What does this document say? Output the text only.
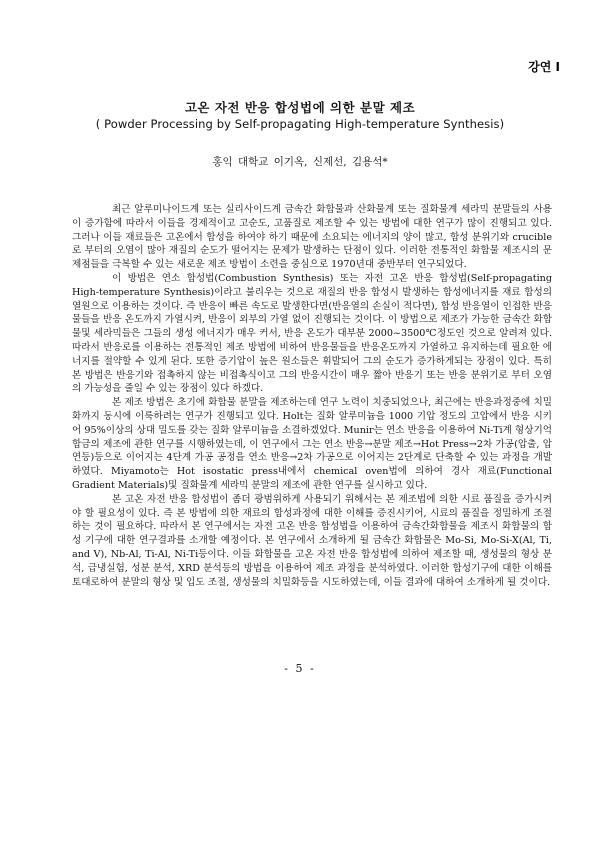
강연 I
고온 자전 반응 합성법에 의한 분말 제조
( Powder Processing by Self-propagating High-temperature Synthesis)
홍익 대학교 이기옥, 신제선, 김용석*

최근 알루미나이드계 또는 실리사이드계 금속간 화합물과 산화물계 또는 질화물계 세라믹 분말들의 사용이 증가함에 따라서 이들을 경제적이고 고순도, 고품질로 제조할 수 있는 방법에 대한 연구가 많이 진행되고 있다. 그러나 이들 재료들은 고온에서 합성을 하여야 하기 때문에 소요되는 에너지의 양이 많고, 합성 분위기와 crucible로 부터의 오염이 많아 재질의 순도가 떨어지는 문제가 발생하는 단점이 있다. 이러한 전통적인 화합물 제조시의 문제점들을 극복할 수 있는 새로운 제조 방법이 소련을 중심으로 1970년대 중반부터 연구되었다.

이 방법은 연소 합성법(Combustion Synthesis) 또는 자전 고온 반응 합성법(Self-propagating High-temperature Synthesis)이라고 불리우는 것으로 재질의 반응 합성시 발생하는 합성에너지를 재료 합성의 열원으로 이용하는 것이다. 즉 반응이 빠른 속도로 발생한다면(반응열의 손실이 적다면), 합성 반응열이 인접한 반응물들을 반응 온도까지 가열시켜, 반응이 외부의 가열 없이 진행되는 것이다. 이 방법으로 제조가 가능한 금속간 화합물및 세라믹들은 그들의 생성 에너지가 매우 커서, 반응 온도가 대부분 2000~3500℃정도인 것으로 알려져 있다. 따라서 반응로를 이용하는 전통적인 제조 방법에 비하여 반응물들을 반응온도까지 가열하고 유지하는데 필요한 에너지를 절약할 수 있게 된다. 또한 증기압이 높은 원소들은 휘발되어 그의 순도가 증가하게되는 장점이 있다. 특히 본 방법은 반응기와 접촉하지 않는 비접촉식이고 그의 반응시간이 매우 짧아 반응기 또는 반응 분위기로 부터 오염의 가능성을 줄일 수 있는 장점이 있다 하겠다.

본 제조 방법은 초기에 화합물 분말을 제조하는데 연구 노력이 치중되었으나, 최근에는 반응과정중에 치밀화까지 동시에 이룩하려는 연구가 진행되고 있다. Holt는 질화 알루미늄을 1000 기압 정도의 고압에서 반응 시키어 95%이상의 상대 밀도를 갖는 질화 알루미늄을 소결하겠었다. Munir는 연소 반응을 이용하여 Ni-Ti계 형상기억합금의 제조에 관한 연구를 시행하였는데, 이 연구에서 그는 연소 반응→분말 제조→Hot Press→2차 가공(압출, 압연등)등으로 이어지는 4단계 가공 공정을 연소 반응→2차 가공으로 이어지는 2단계로 단축할 수 있는 과정을 개발하였다. Miyamoto는 Hot isostatic press내에서 chemical oven법에 의하여 경사 재료(Functional Gradient Materials)및 질화물계 세라믹 분말의 제조에 관한 연구를 실시하고 있다.

본 고온 자전 반응 합성법이 좀더 광범위하게 사용되기 위해서는 본 제조법에 의한 시료 품질을 증가시켜야 할 필요성이 있다. 즉 본 방법에 의한 재료의 합성과정에 대한 이해를 증진시키어, 시료의 품질을 정밀하게 조절하는 것이 필요하다. 따라서 본 연구에서는 자전 고온 반응 합성법을 이용하여 금속간화합물을 제조시 화합물의 합성 기구에 대한 연구결과를 소개할 예정이다. 본 연구에서 소개하게 될 금속간 화합물은 Mo-Si, Mo-Si-X(Al, Ti, and V), Nb-Al, Ti-Al, Ni-Ti등이다. 이들 화합물을 고온 자전 반응 합성법에 의하여 제조할 때, 생성물의 형상 분석, 급냉실험, 성분 분석, XRD 분석등의 방법을 이용하여 제조 과정을 분석하였다. 이러한 합성기구에 대한 이해를 토대로하여 분말의 형상 및 입도 조절, 생성물의 치밀화등을 시도하였는데, 이들 결과에 대하여 소개하게 될 것이다.

- 5 -
